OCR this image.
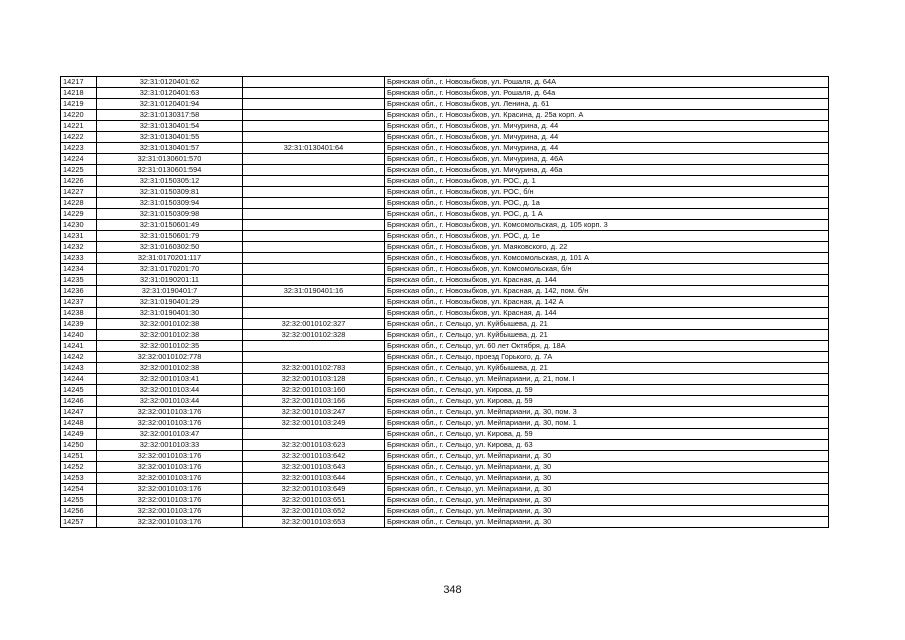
14217	32:31:0120401:62		Брянская обл., г. Новозыбков, ул. Рошаля, д. 64А
14218	32:31:0120401:63		Брянская обл., г. Новозыбков, ул. Рошаля, д. 64а
14219	32:31:0120401:94		Брянская обл., г. Новозыбков, ул. Ленина, д. 61
14220	32:31:0130317:58		Брянская обл., г. Новозыбков, ул. Красина, д. 25а корп. А
14221	32:31:0130401:54		Брянская обл., г. Новозыбков, ул. Мичурина, д. 44
14222	32:31:0130401:55		Брянская обл., г. Новозыбков, ул. Мичурина, д. 44
14223	32:31:0130401:57	32:31:0130401:64	Брянская обл., г. Новозыбков, ул. Мичурина, д. 44
14224	32:31:0130601:570		Брянская обл., г. Новозыбков, ул. Мичурина, д. 46А
14225	32:31:0130601:594		Брянская обл., г. Новозыбков, ул. Мичурина, д. 46а
14226	32:31:0150305:12		Брянская обл., г. Новозыбков, ул. РОС, д. 1
14227	32:31:0150309:81		Брянская обл., г. Новозыбков, ул. РОС, б/н
14228	32:31:0150309:94		Брянская обл., г. Новозыбков, ул. РОС, д. 1а
14229	32:31:0150309:98		Брянская обл., г. Новозыбков, ул. РОС, д. 1 А
14230	32:31:0150601:49		Брянская обл., г. Новозыбков, ул. Комсомольская, д. 105 корп. 3
14231	32:31:0150601:79		Брянская обл., г. Новозыбков, ул. РОС, д. 1е
14232	32:31:0160302:50		Брянская обл., г. Новозыбков, ул. Маяковского, д. 22
14233	32:31:0170201:117		Брянская обл., г. Новозыбков, ул. Комсомольская, д. 101 А
14234	32:31:0170201:70		Брянская обл., г. Новозыбков, ул. Комсомольская, б/н
14235	32:31:0190201:11		Брянская обл., г. Новозыбков, ул. Красная, д. 144
14236	32:31:0190401:7	32:31:0190401:16	Брянская обл., г. Новозыбков, ул. Красная, д. 142, пом. б/н
14237	32:31:0190401:29		Брянская обл., г. Новозыбков, ул. Красная, д. 142 А
14238	32:31:0190401:30		Брянская обл., г. Новозыбков, ул. Красная, д. 144
14239	32:32:0010102:38	32:32:0010102:327	Брянская обл., г. Сельцо, ул. Куйбышева, д. 21
14240	32:32:0010102:38	32:32:0010102:328	Брянская обл., г. Сельцо, ул. Куйбышева, д. 21
14241	32:32:0010102:35		Брянская обл., г. Сельцо, ул. 60 лет Октября, д. 18А
14242	32:32:0010102:778		Брянская обл., г. Сельцо, проезд Горького, д. 7А
14243	32:32:0010102:38	32:32:0010102:783	Брянская обл., г. Сельцо, ул. Куйбышева, д. 21
14244	32:32:0010103:41	32:32:0010103:128	Брянская обл., г. Сельцо, ул. Мейпариани, д. 21, пом. I
14245	32:32:0010103:44	32:32:0010103:160	Брянская обл., г. Сельцо, ул. Кирова, д. 59
14246	32:32:0010103:44	32:32:0010103:166	Брянская обл., г. Сельцо, ул. Кирова, д. 59
14247	32:32:0010103:176	32:32:0010103:247	Брянская обл., г. Сельцо, ул. Мейпариани, д. 30, пом. 3
14248	32:32:0010103:176	32:32:0010103:249	Брянская обл., г. Сельцо, ул. Мейпариани, д. 30, пом. 1
14249	32:32:0010103:47		Брянская обл., г. Сельцо, ул. Кирова, д. 59
14250	32:32:0010103:33	32:32:0010103:623	Брянская обл., г. Сельцо, ул. Кирова, д. 63
14251	32:32:0010103:176	32:32:0010103:642	Брянская обл., г. Сельцо, ул. Мейпариани, д. 30
14252	32:32:0010103:176	32:32:0010103:643	Брянская обл., г. Сельцо, ул. Мейпариани, д. 30
14253	32:32:0010103:176	32:32:0010103:644	Брянская обл., г. Сельцо, ул. Мейпариани, д. 30
14254	32:32:0010103:176	32:32:0010103:649	Брянская обл., г. Сельцо, ул. Мейпариани, д. 30
14255	32:32:0010103:176	32:32:0010103:651	Брянская обл., г. Сельцо, ул. Мейпариани, д. 30
14256	32:32:0010103:176	32:32:0010103:652	Брянская обл., г. Сельцо, ул. Мейпариани, д. 30
14257	32:32:0010103:176	32:32:0010103:653	Брянская обл., г. Сельцо, ул. Мейпариани, д. 30
348
